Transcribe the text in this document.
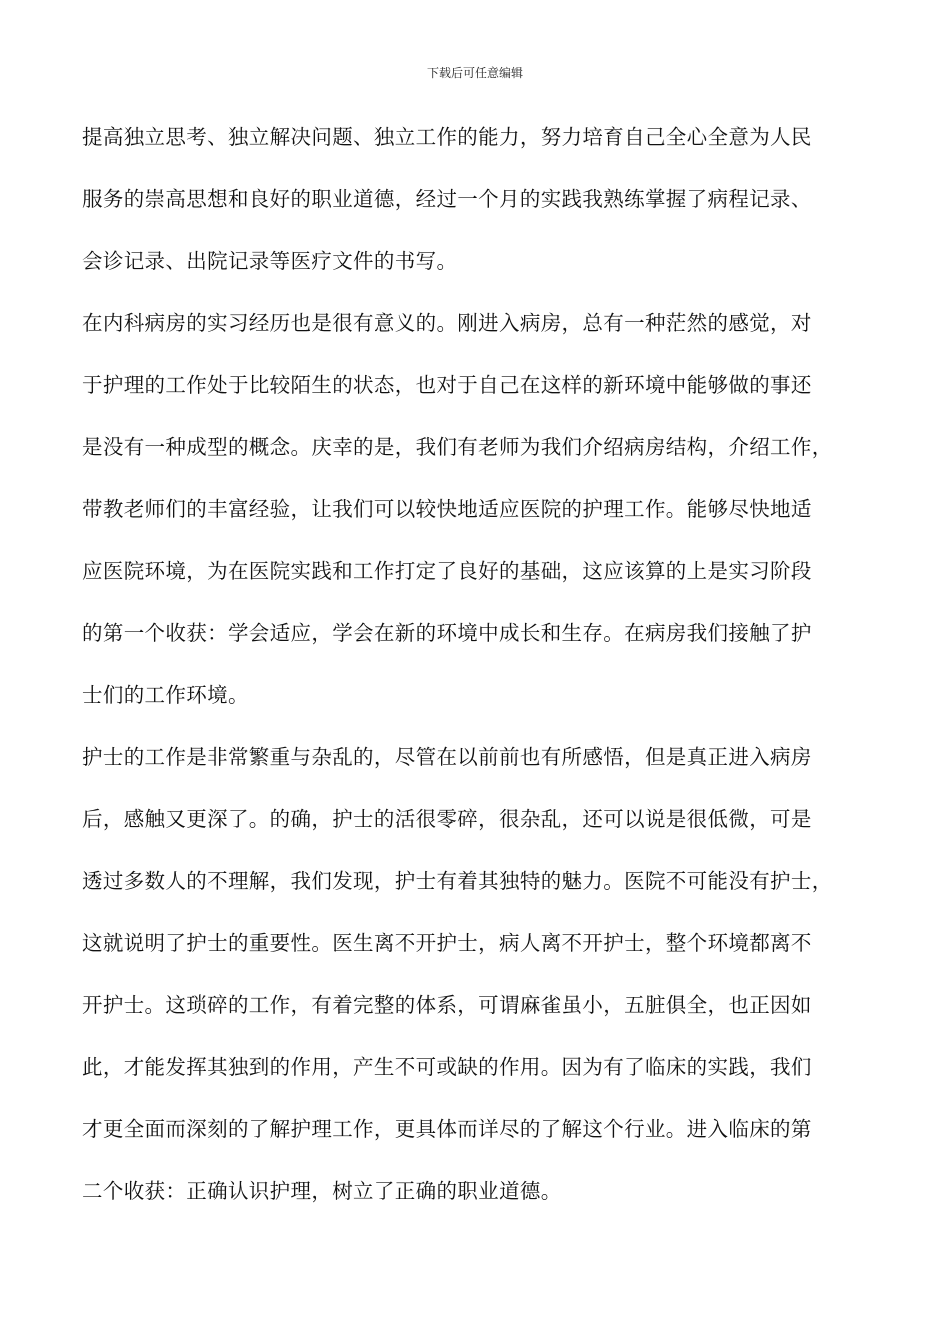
下载后可任意编辑
提高独立思考、独立解决问题、独立工作的能力，努力培育自己全心全意为人民
服务的崇高思想和良好的职业道德，经过一个月的实践我熟练掌握了病程记录、
会诊记录、出院记录等医疗文件的书写。
在内科病房的实习经历也是很有意义的。刚进入病房，总有一种茫然的感觉，对
于护理的工作处于比较陌生的状态，也对于自己在这样的新环境中能够做的事还
是没有一种成型的概念。庆幸的是，我们有老师为我们介绍病房结构，介绍工作，
带教老师们的丰富经验，让我们可以较快地适应医院的护理工作。能够尽快地适
应医院环境，为在医院实践和工作打定了良好的基础，这应该算的上是实习阶段
的第一个收获：学会适应，学会在新的环境中成长和生存。在病房我们接触了护
士们的工作环境。
护士的工作是非常繁重与杂乱的，尽管在以前前也有所感悟，但是真正进入病房
后，感触又更深了。的确，护士的活很零碎，很杂乱，还可以说是很低微，可是
透过多数人的不理解，我们发现，护士有着其独特的魅力。医院不可能没有护士，
这就说明了护士的重要性。医生离不开护士，病人离不开护士，整个环境都离不
开护士。这琐碎的工作，有着完整的体系，可谓麻雀虽小，五脏俱全，也正因如
此，才能发挥其独到的作用，产生不可或缺的作用。因为有了临床的实践，我们
才更全面而深刻的了解护理工作，更具体而详尽的了解这个行业。进入临床的第
二个收获：正确认识护理，树立了正确的职业道德。
